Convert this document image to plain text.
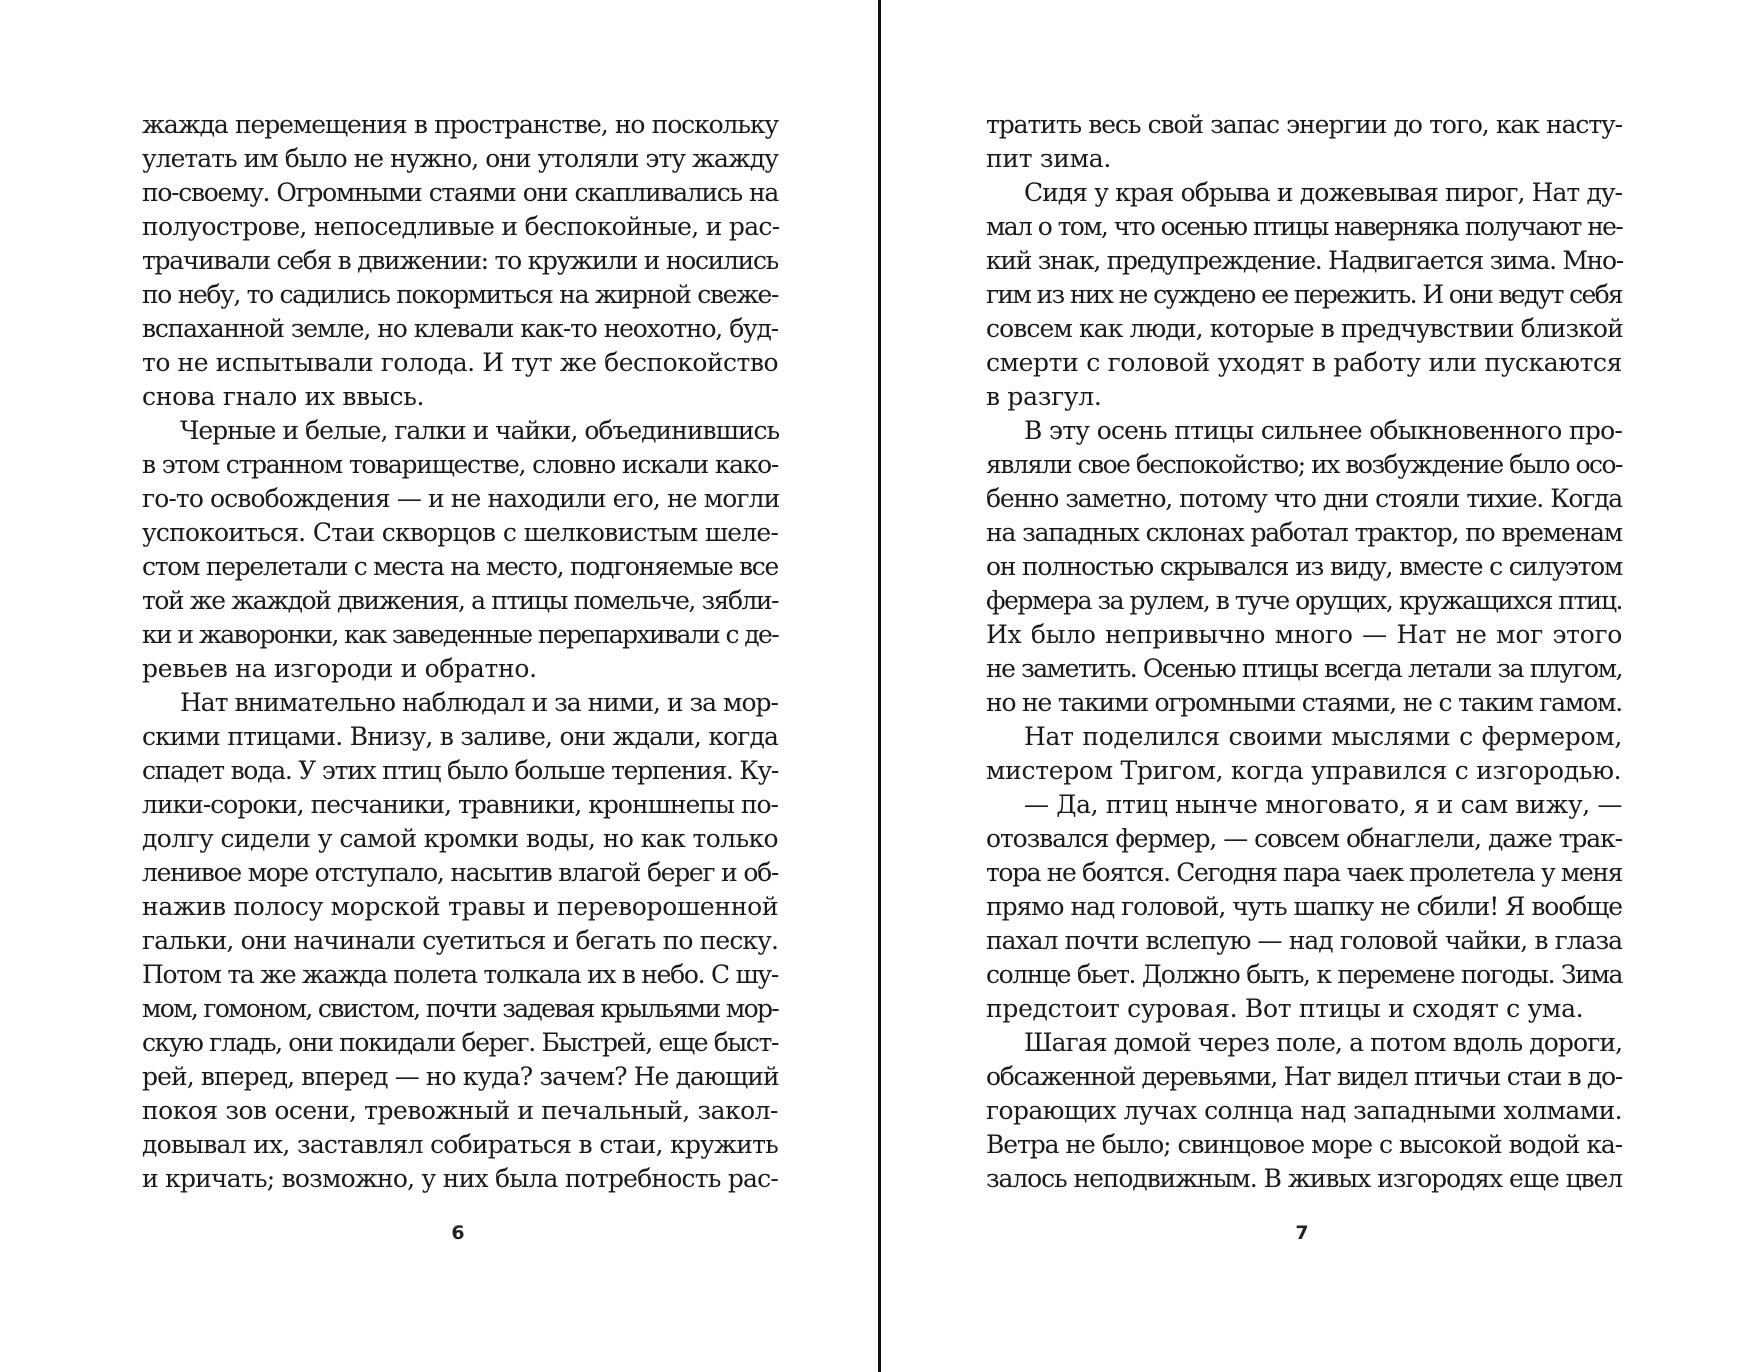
жажда перемещения в пространстве, но поскольку
улетать им было не нужно, они утоляли эту жажду
по-своему. Огромными стаями они скапливались на
полуострове, непоседливые и беспокойные, и рас-
трачивали себя в движении: то кружили и носились
по небу, то садились покормиться на жирной свеже-
вспаханной земле, но клевали как-то неохотно, буд-
то не испытывали голода. И тут же беспокойство
снова гнало их ввысь.
Черные и белые, галки и чайки, объединившись
в этом странном товариществе, словно искали како-
го-то освобождения — и не находили его, не могли
успокоиться. Стаи скворцов с шелковистым шеле-
стом перелетали с места на место, подгоняемые все
той же жаждой движения, а птицы помельче, зябли-
ки и жаворонки, как заведенные перепархивали с де-
ревьев на изгороди и обратно.
Нат внимательно наблюдал и за ними, и за мор-
скими птицами. Внизу, в заливе, они ждали, когда
спадет вода. У этих птиц было больше терпения. Ку-
лики-сороки, песчаники, травники, кроншнепы по-
долгу сидели у самой кромки воды, но как только
ленивое море отступало, насытив влагой берег и об-
нажив полосу морской травы и переворошенной
гальки, они начинали суетиться и бегать по песку.
Потом та же жажда полета толкала их в небо. С шу-
мом, гомоном, свистом, почти задевая крыльями мор-
скую гладь, они покидали берег. Быстрей, еще быст-
рей, вперед, вперед — но куда? зачем? Не дающий
покоя зов осени, тревожный и печальный, закол-
довывал их, заставлял собираться в стаи, кружить
и кричать; возможно, у них была потребность рас-
6
тратить весь свой запас энергии до того, как насту-
пит зима.
Сидя у края обрыва и дожевывая пирог, Нат ду-
мал о том, что осенью птицы наверняка получают не-
кий знак, предупреждение. Надвигается зима. Мно-
гим из них не суждено ее пережить. И они ведут себя
совсем как люди, которые в предчувствии близкой
смерти с головой уходят в работу или пускаются
в разгул.
В эту осень птицы сильнее обыкновенного про-
являли свое беспокойство; их возбуждение было осо-
бенно заметно, потому что дни стояли тихие. Когда
на западных склонах работал трактор, по временам
он полностью скрывался из виду, вместе с силуэтом
фермера за рулем, в туче орущих, кружащихся птиц.
Их было непривычно много — Нат не мог этого
не заметить. Осенью птицы всегда летали за плугом,
но не такими огромными стаями, не с таким гамом.
Нат поделился своими мыслями с фермером,
мистером Тригом, когда управился с изгородью.
— Да, птиц нынче многовато, я и сам вижу, —
отозвался фермер, — совсем обнаглели, даже трак-
тора не боятся. Сегодня пара чаек пролетела у меня
прямо над головой, чуть шапку не сбили! Я вообще
пахал почти вслепую — над головой чайки, в глаза
солнце бьет. Должно быть, к перемене погоды. Зима
предстоит суровая. Вот птицы и сходят с ума.
Шагая домой через поле, а потом вдоль дороги,
обсаженной деревьями, Нат видел птичьи стаи в до-
горающих лучах солнца над западными холмами.
Ветра не было; свинцовое море с высокой водой ка-
залось неподвижным. В живых изгородях еще цвел
7
